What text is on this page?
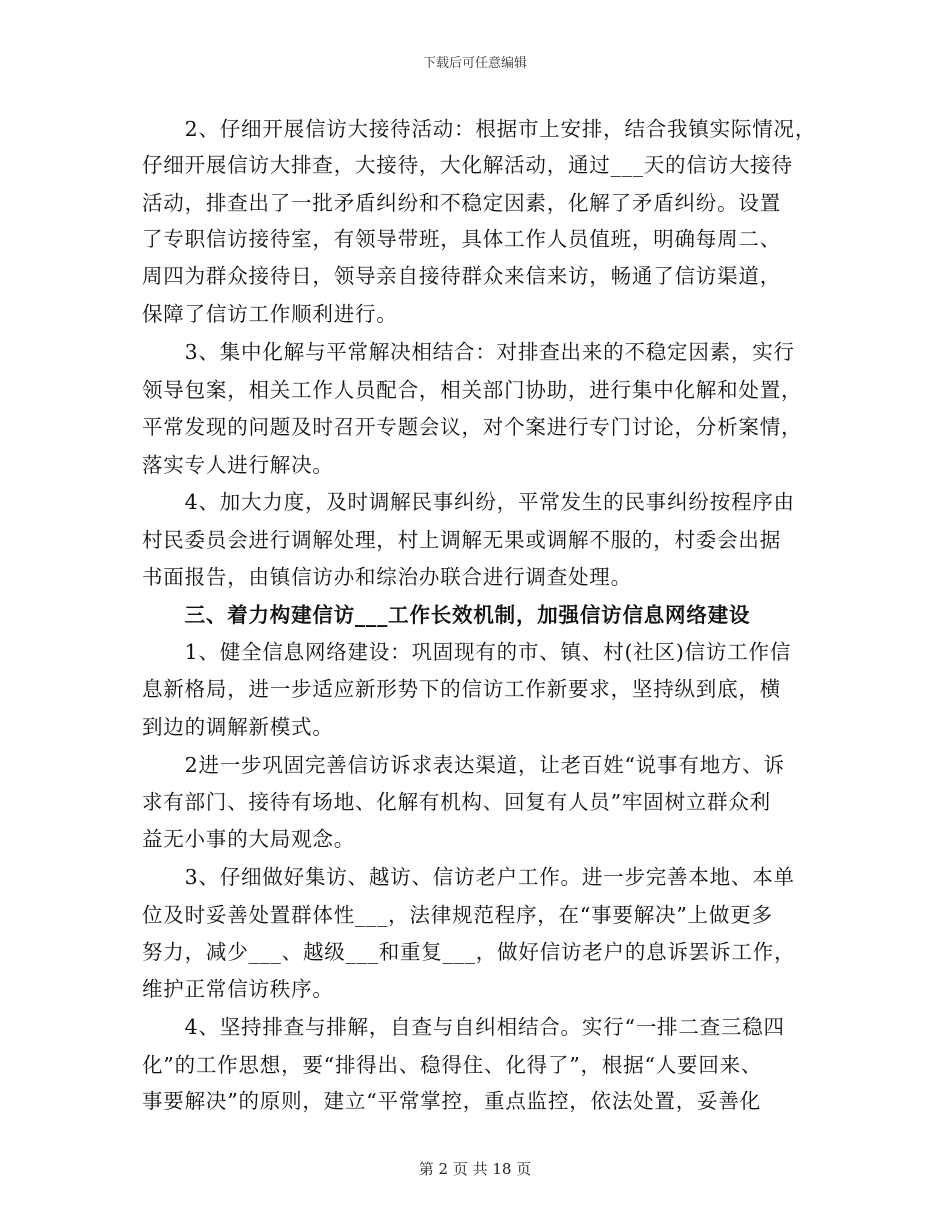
下载后可任意编辑
　　2、仔细开展信访大接待活动：根据市上安排，结合我镇实际情况，
仔细开展信访大排查，大接待，大化解活动，通过___天的信访大接待
活动，排查出了一批矛盾纠纷和不稳定因素，化解了矛盾纠纷。设置
了专职信访接待室，有领导带班，具体工作人员值班，明确每周二、
周四为群众接待日，领导亲自接待群众来信来访，畅通了信访渠道，
保障了信访工作顺利进行。
　　3、集中化解与平常解决相结合：对排查出来的不稳定因素，实行
领导包案，相关工作人员配合，相关部门协助，进行集中化解和处置，
平常发现的问题及时召开专题会议，对个案进行专门讨论，分析案情，
落实专人进行解决。
　　4、加大力度，及时调解民事纠纷，平常发生的民事纠纷按程序由
村民委员会进行调解处理，村上调解无果或调解不服的，村委会出据
书面报告，由镇信访办和综治办联合进行调查处理。
　　三、着力构建信访___工作长效机制，加强信访信息网络建设
　　1、健全信息网络建设：巩固现有的市、镇、村(社区)信访工作信
息新格局，进一步适应新形势下的信访工作新要求，坚持纵到底，横
到边的调解新模式。
　　2进一步巩固完善信访诉求表达渠道，让老百姓“说事有地方、诉
求有部门、接待有场地、化解有机构、回复有人员”牢固树立群众利
益无小事的大局观念。
　　3、仔细做好集访、越访、信访老户工作。进一步完善本地、本单
位及时妥善处置群体性___，法律规范程序，在“事要解决”上做更多
努力，减少___、越级___和重复___，做好信访老户的息诉罢诉工作，
维护正常信访秩序。
　　4、坚持排查与排解，自查与自纠相结合。实行“一排二查三稳四
化”的工作思想，要“排得出、稳得住、化得了”，根据“人要回来、
事要解决”的原则，建立“平常掌控，重点监控，依法处置，妥善化
第 2 页 共 18 页
